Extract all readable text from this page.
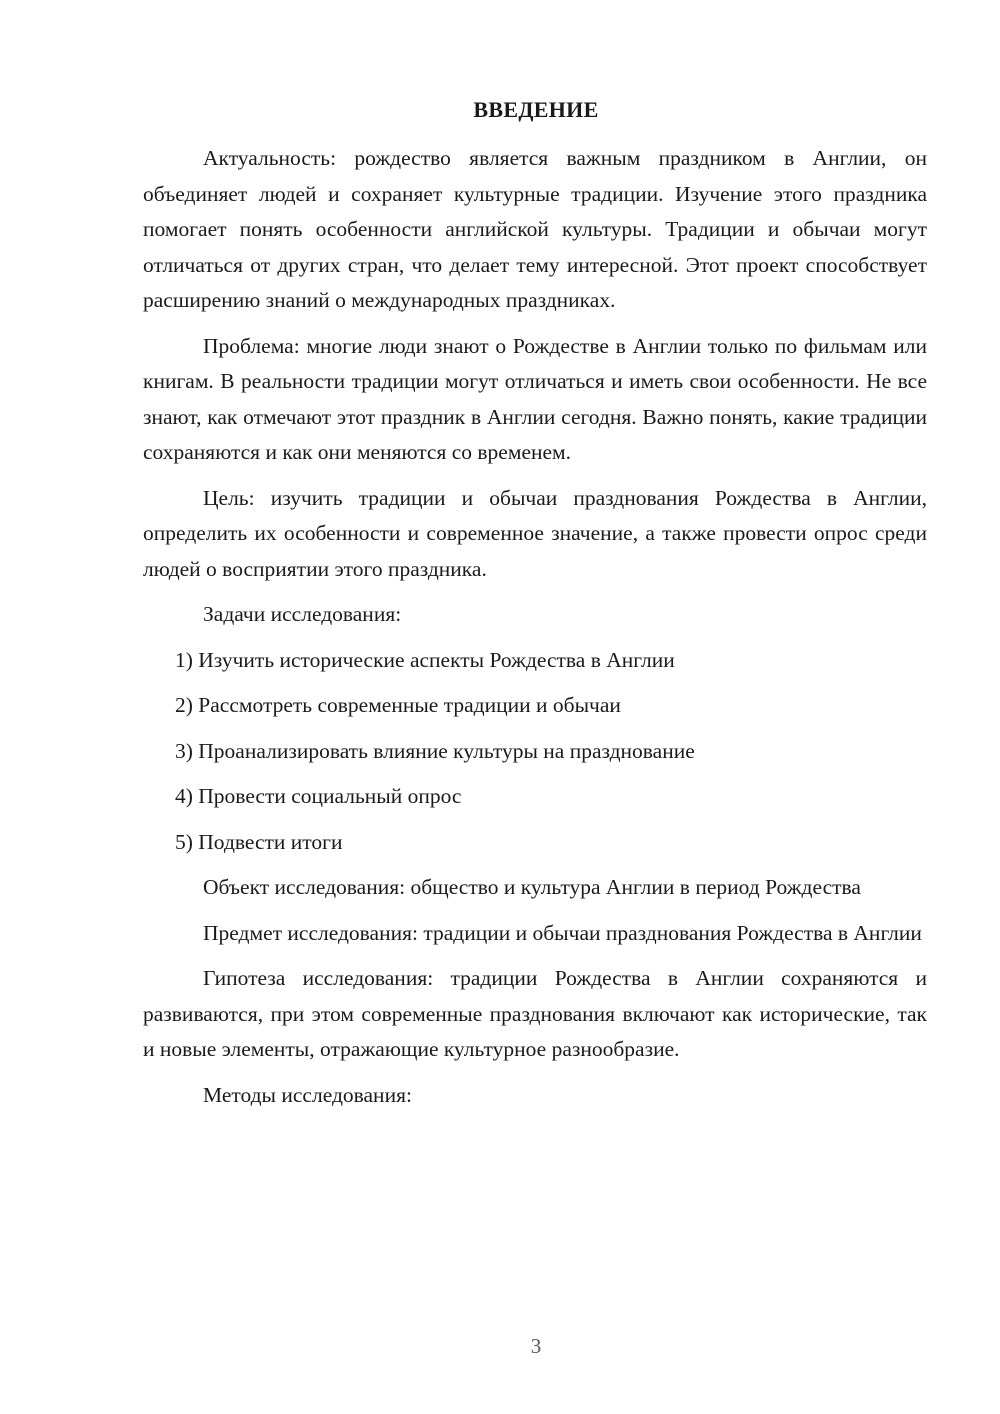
ВВЕДЕНИЕ

Актуальность: рождество является важным праздником в Англии, он объединяет людей и сохраняет культурные традиции. Изучение этого праздника помогает понять особенности английской культуры. Традиции и обычаи могут отличаться от других стран, что делает тему интересной. Этот проект способствует расширению знаний о международных праздниках.

Проблема: многие люди знают о Рождестве в Англии только по фильмам или книгам. В реальности традиции могут отличаться и иметь свои особенности. Не все знают, как отмечают этот праздник в Англии сегодня. Важно понять, какие традиции сохраняются и как они меняются со временем.

Цель: изучить традиции и обычаи празднования Рождества в Англии, определить их особенности и современное значение, а также провести опрос среди людей о восприятии этого праздника.

Задачи исследования:

1) Изучить исторические аспекты Рождества в Англии

2) Рассмотреть современные традиции и обычаи

3) Проанализировать влияние культуры на празднование

4) Провести социальный опрос

5) Подвести итоги

Объект исследования: общество и культура Англии в период Рождества

Предмет исследования: традиции и обычаи празднования Рождества в Англии

Гипотеза исследования: традиции Рождества в Англии сохраняются и развиваются, при этом современные празднования включают как исторические, так и новые элементы, отражающие культурное разнообразие.

Методы исследования:

3
